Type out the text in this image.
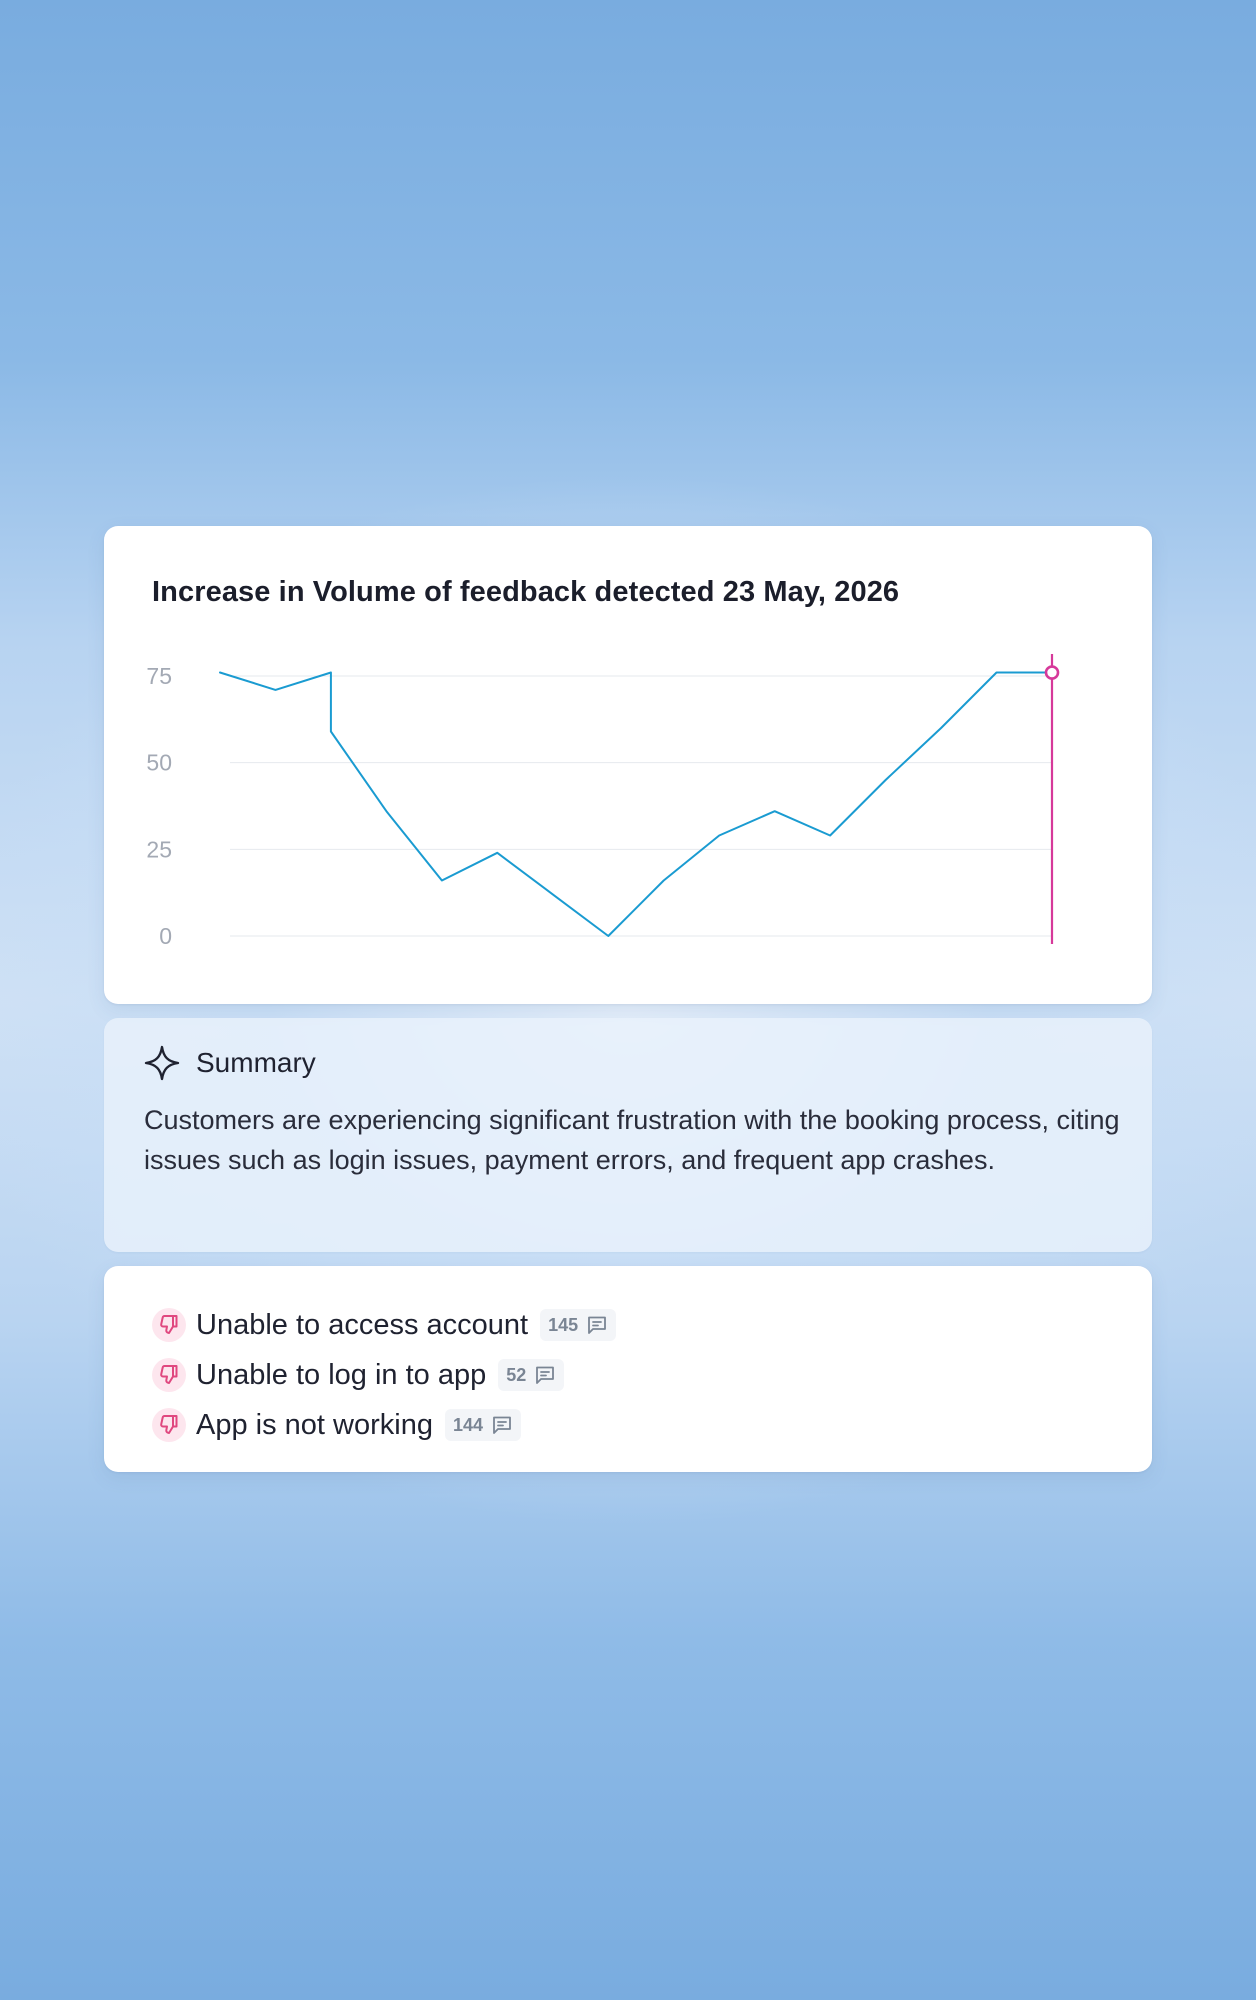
Increase in Volume of feedback detected 23 May, 2026
0
25
50
75
Summary

Customers are experiencing significant frustration with the booking process, citing issues such as login issues, payment errors, and frequent app crashes.

Unable to access account 145
Unable to log in to app 52
App is not working 144
